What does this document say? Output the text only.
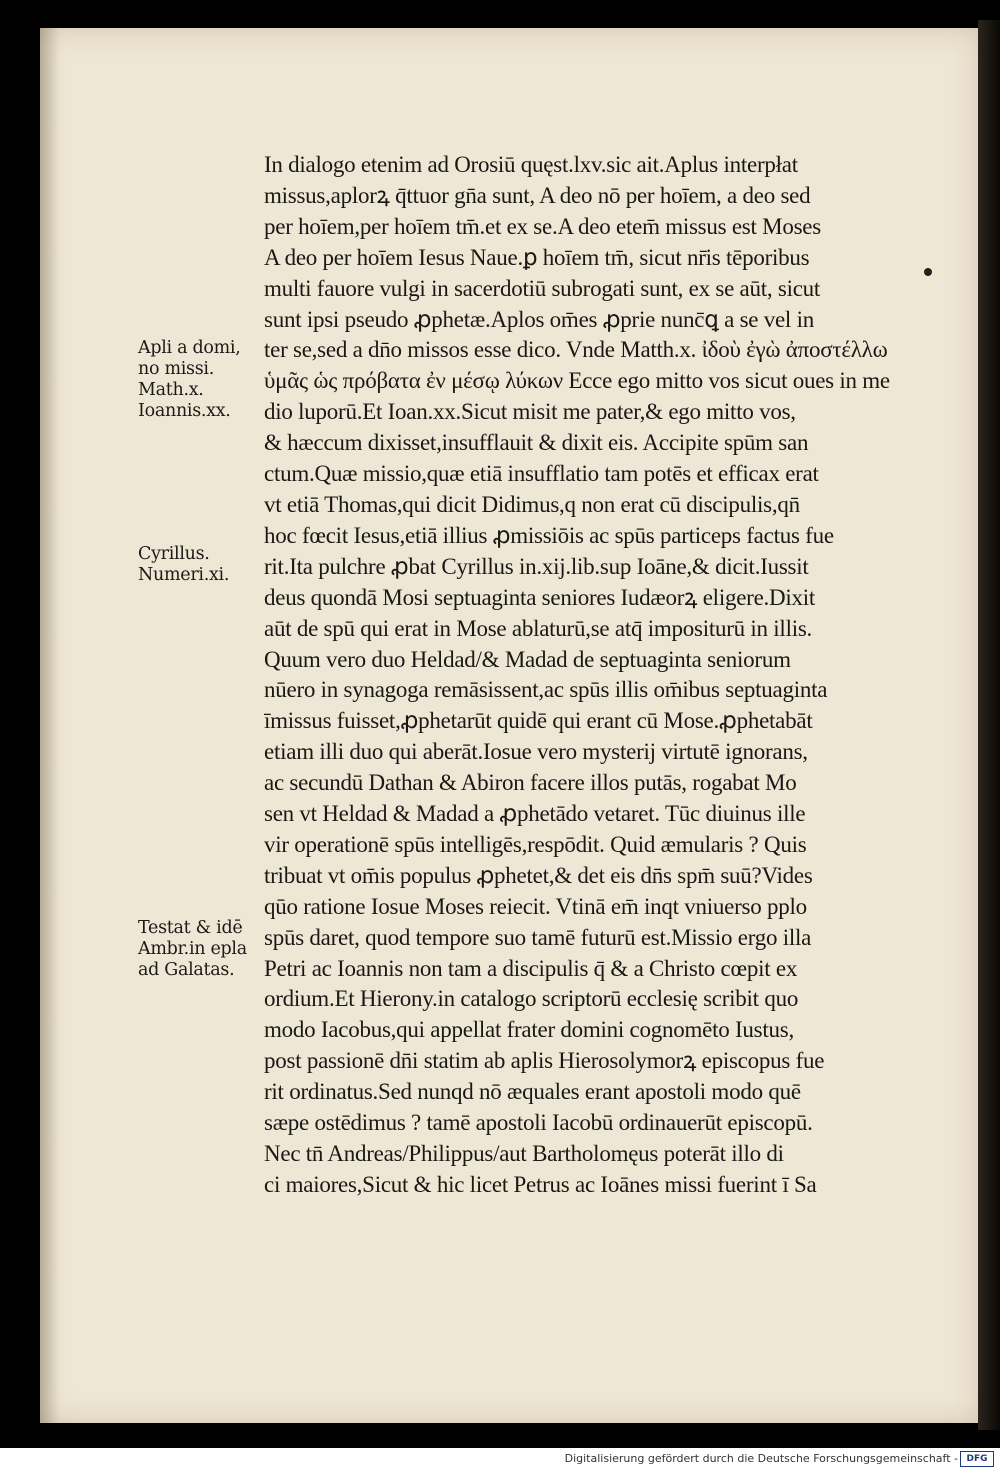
Apli a domi,
no missi.
Math.x.
Ioannis.xx.
Cyrillus.
Numeri.xi.
Testat & idē
Ambr.in epla
ad Galatas.
In dialogo etenim ad Orosiū quęst.lxv.sic ait.Aplus interpłat
missus,aplorꝝ q̄ttuor gn̄a sunt, A deo nō per hoīem, a deo sed
per hoīem,per hoīem tm̄.et ex se.A deo etem̄ missus est Moses
A deo per hoīem Iesus Naue.ꝑ hoīem tm̄, sicut nr̄is tēporibus
multi fauore vulgi in sacerdotiū subrogati sunt, ex se aūt, sicut
sunt ipsi pseudo ꝓphetæ.Aplos om̄es ꝓprie nunc̄ꝗ a se vel in
ter se,sed a dn̄o missos esse dico. Vnde Matth.x. ἰδοὺ ἐγὼ ἀποστέλλω
ὑμᾶς ὡς πρόβατα ἐν μέσῳ λύκων Ecce ego mitto vos sicut oues in me
dio luporū.Et Ioan.xx.Sicut misit me pater,& ego mitto vos,
& hæccum dixisset,insufflauit & dixit eis. Accipite spūm san
ctum.Quæ missio,quæ etiā insufflatio tam potēs et efficax erat
vt etiā Thomas,qui dicit Didimus,q non erat cū discipulis,qn̄
hoc fœcit Iesus,etiā illius ꝓmissiōis ac spūs particeps factus fue
rit.Ita pulchre ꝓbat Cyrillus in.xij.lib.sup Ioāne,& dicit.Iussit
deus quondā Mosi septuaginta seniores Iudæorꝝ eligere.Dixit
aūt de spū qui erat in Mose ablaturū,se atq̄ impositurū in illis.
Quum vero duo Heldad/& Madad de septuaginta seniorum
nūero in synagoga remāsissent,ac spūs illis om̄ibus septuaginta
īmissus fuisset,ꝓphetarūt quidē qui erant cū Mose.ꝓphetabāt
etiam illi duo qui aberāt.Iosue vero mysterij virtutē ignorans,
ac secundū Dathan & Abiron facere illos putās, rogabat Mo
sen vt Heldad & Madad a ꝓphetādo vetaret. Tūc diuinus ille
vir operationē spūs intelligēs,respōdit. Quid æmularis ? Quis
tribuat vt om̄is populus ꝓphetet,& det eis dn̄s spm̄ suū?Vides
qūo ratione Iosue Moses reiecit. Vtinā em̄ inqt vniuerso pplo
spūs daret, quod tempore suo tamē futurū est.Missio ergo illa
Petri ac Ioannis non tam a discipulis q̄ & a Christo cœpit ex
ordium.Et Hierony.in catalogo scriptorū ecclesię scribit quo
modo Iacobus,qui appellat frater domini cognomēto Iustus,
post passionē dn̄i statim ab aplis Hierosolymorꝝ episcopus fue
rit ordinatus.Sed nunqd nō æquales erant apostoli modo quē
sæpe ostēdimus ? tamē apostoli Iacobū ordinauerūt episcopū.
Nec tn̄ Andreas/Philippus/aut Bartholomęus poterāt illo di
ci maiores,Sicut & hic licet Petrus ac Ioānes missi fuerint ī Sa
Digitalisierung gefördert durch die Deutsche Forschungsgemeinschaft - DFG
